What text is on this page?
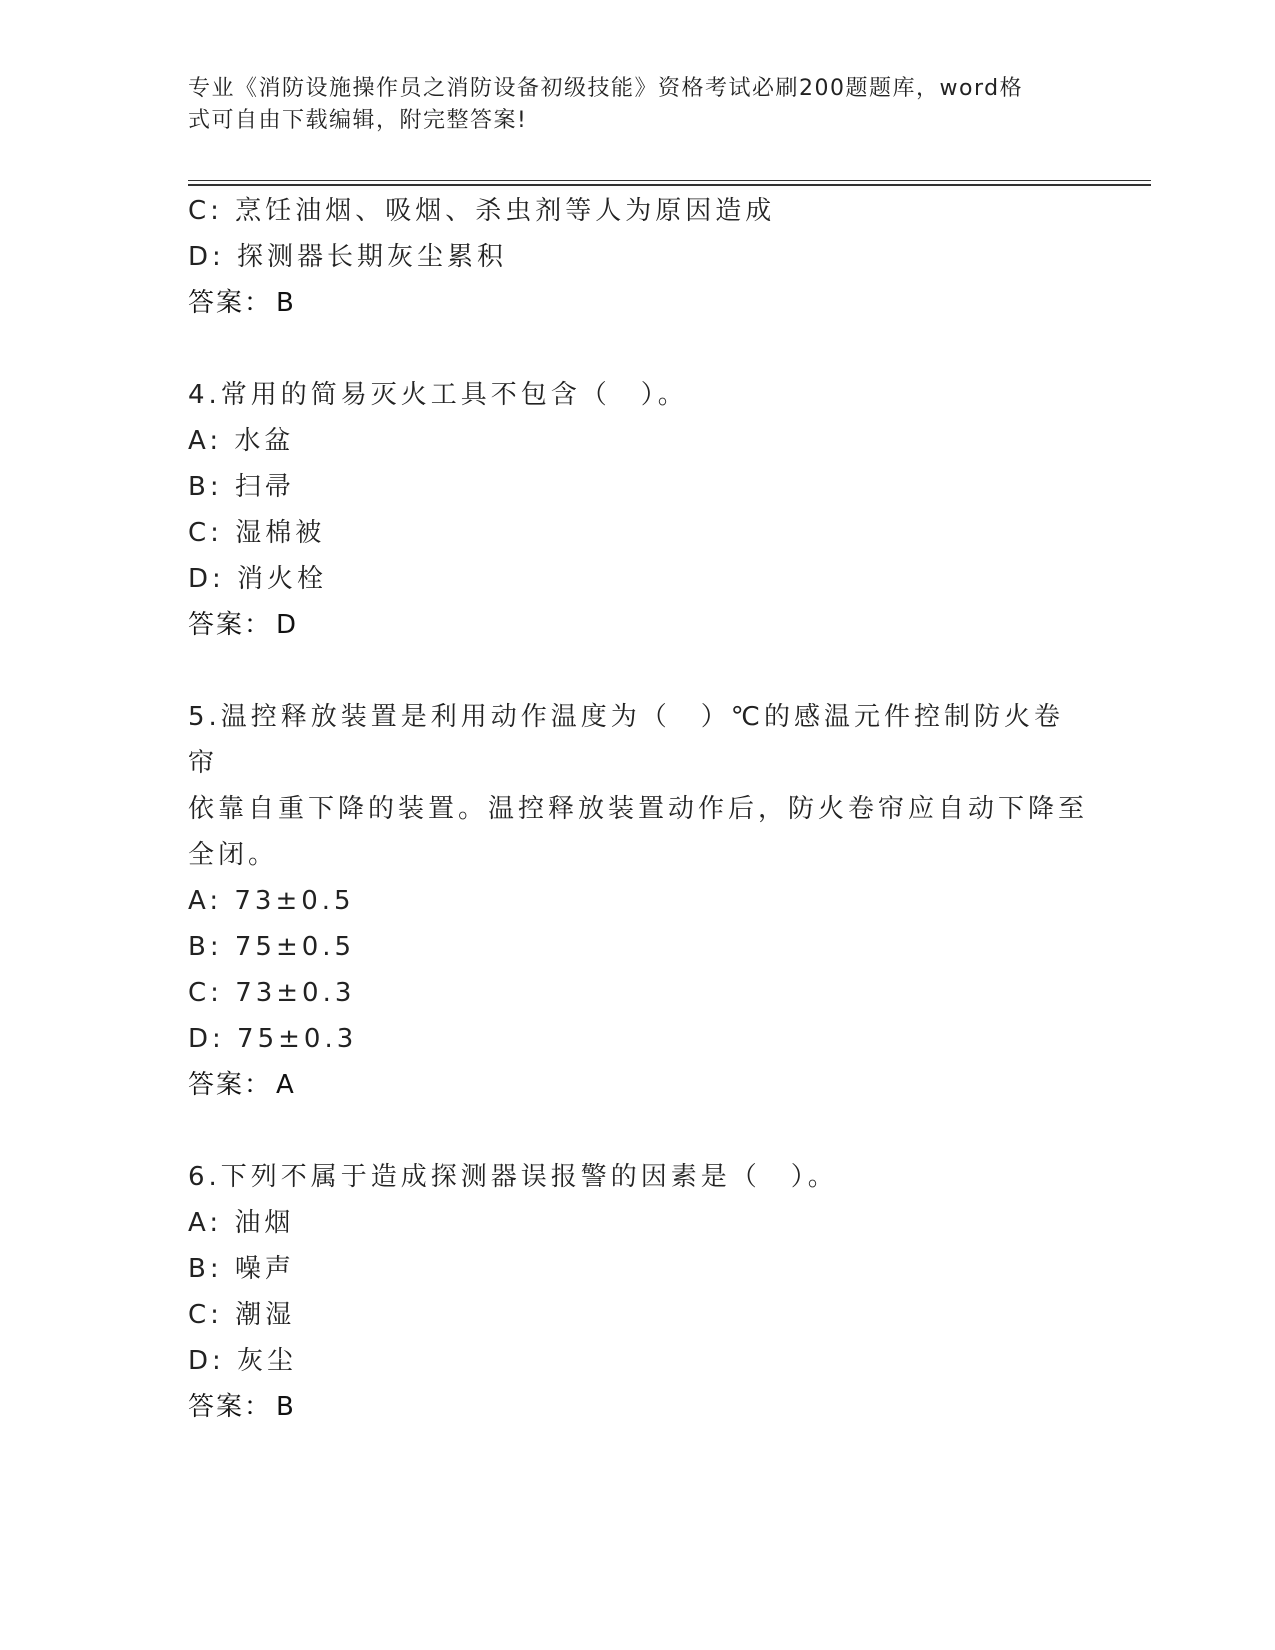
专业《消防设施操作员之消防设备初级技能》资格考试必刷200题题库，word格
式可自由下载编辑，附完整答案!
C: 烹饪油烟、吸烟、杀虫剂等人为原因造成
D: 探测器长期灰尘累积
答案： B
4.常用的简易灭火工具不包含（　）。
A: 水盆
B: 扫帚
C: 湿棉被
D: 消火栓
答案： D
5.温控释放装置是利用动作温度为（　）℃的感温元件控制防火卷帘
依靠自重下降的装置。温控释放装置动作后，防火卷帘应自动下降至
全闭。
A: 73±0.5
B: 75±0.5
C: 73±0.3
D: 75±0.3
答案： A
6.下列不属于造成探测器误报警的因素是（　）。
A: 油烟
B: 噪声
C: 潮湿
D: 灰尘
答案： B
